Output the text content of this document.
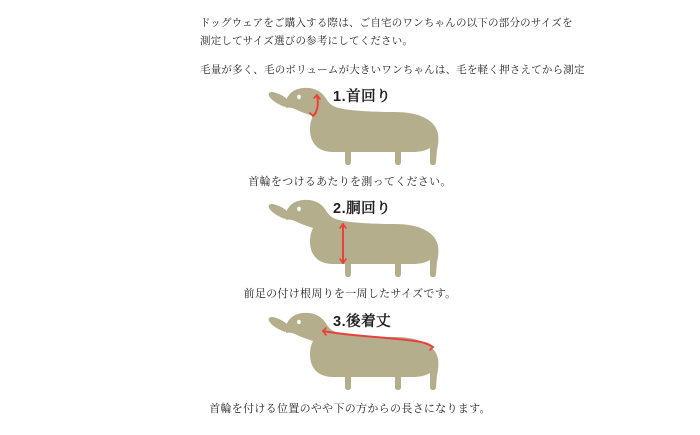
ドッグウェアをご購入する際は、ご自宅のワンちゃんの以下の部分のサイズを
測定してサイズ選びの参考にしてください。
毛量が多く、毛のボリュームが大きいワンちゃんは、毛を軽く押さえてから測定
1.首回り
首輪をつけるあたりを測ってください。
2.胴回り
前足の付け根周りを一周したサイズです。
3.後着丈
首輪を付ける位置のやや下の方からの長さになります。
